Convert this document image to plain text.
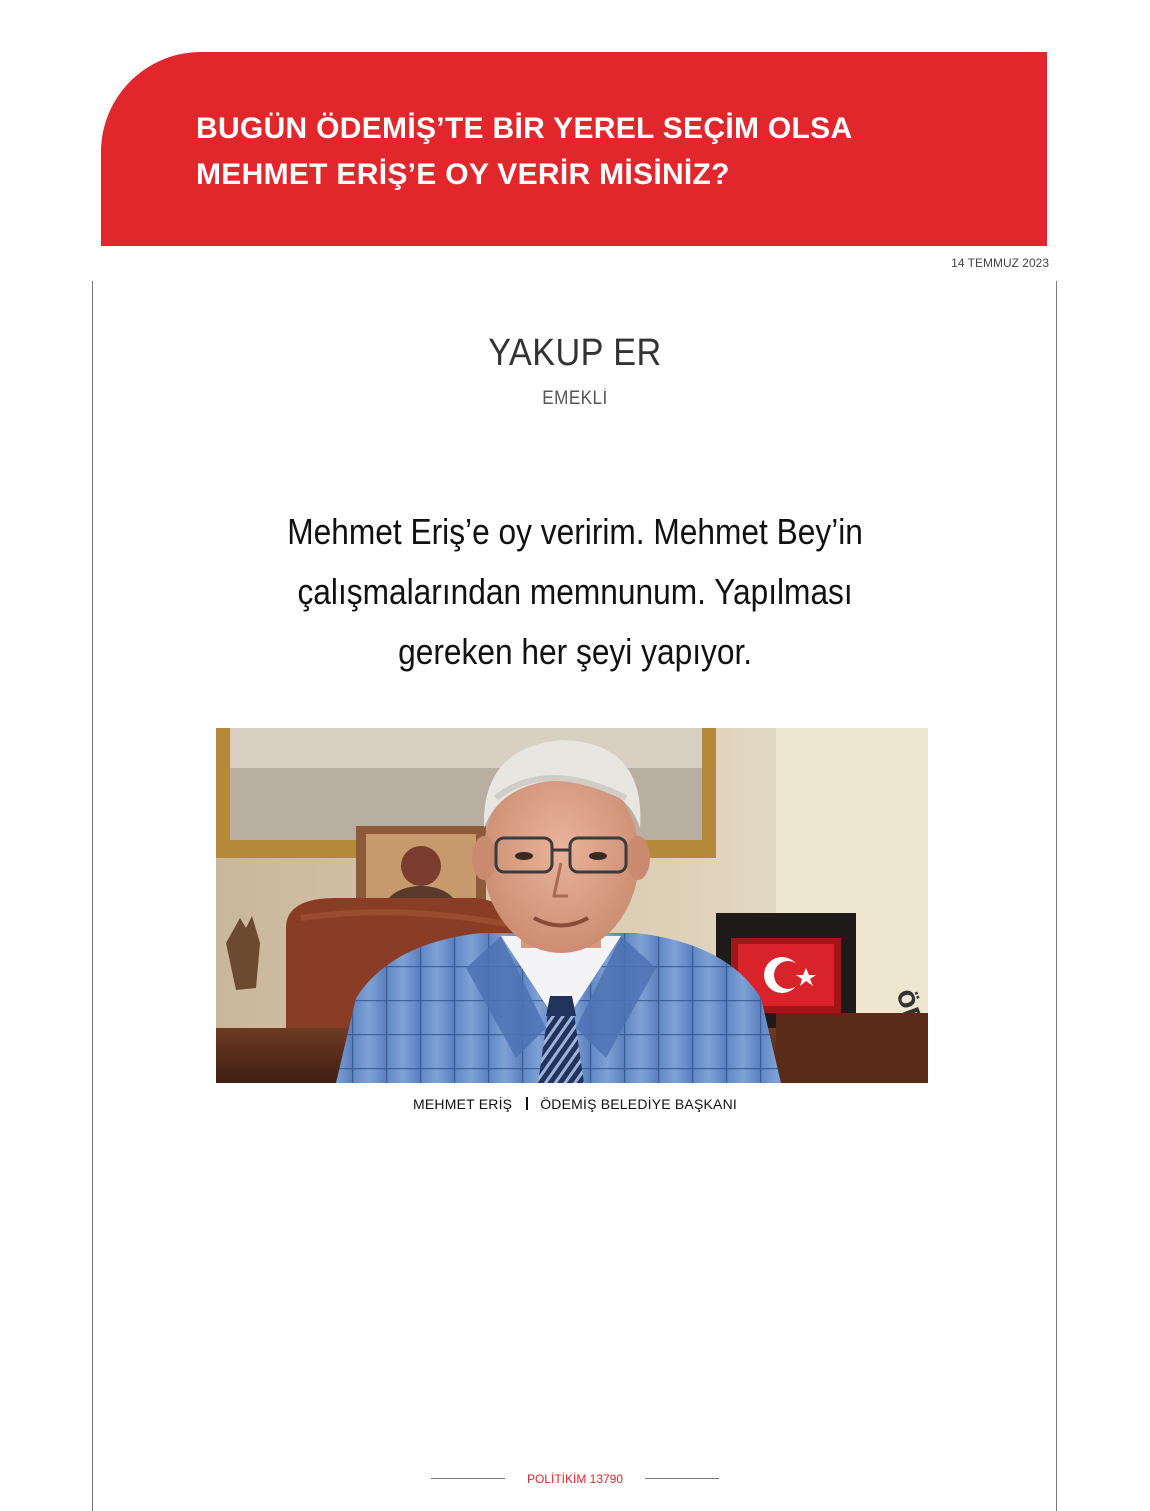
BUGÜN ÖDEMİŞ’TE BİR YEREL SEÇİM OLSA
MEHMET ERİŞ’E OY VERİR MİSİNİZ?
14 TEMMUZ 2023
YAKUP ER
EMEKLİ
Mehmet Eriş’e oy veririm. Mehmet Bey’in
çalışmalarından memnunum. Yapılması
gereken her şeyi yapıyor.
MEHMET ERİŞ ÖDEMİŞ BELEDİYE BAŞKANI
POLİTİKİM 13790
